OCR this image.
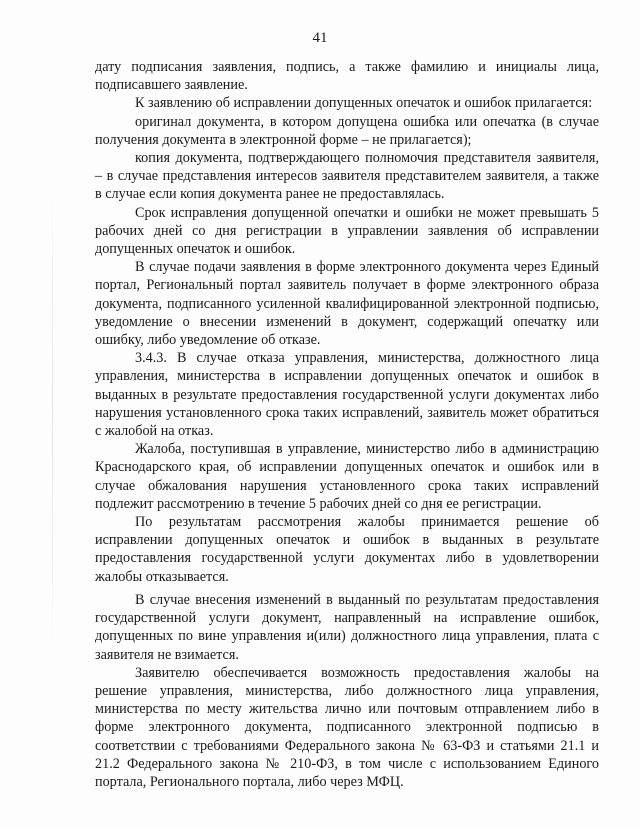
41

дату подписания заявления, подпись, а также фамилию и инициалы лица, подписавшего заявление.

К заявлению об исправлении допущенных опечаток и ошибок прилагается:

оригинал документа, в котором допущена ошибка или опечатка (в случае получения документа в электронной форме – не прилагается);

копия документа, подтверждающего полномочия представителя заявителя, – в случае представления интересов заявителя представителем заявителя, а также в случае если копия документа ранее не предоставлялась.

Срок исправления допущенной опечатки и ошибки не может превышать 5 рабочих дней со дня регистрации в управлении заявления об исправлении допущенных опечаток и ошибок.

В случае подачи заявления в форме электронного документа через Единый портал, Региональный портал заявитель получает в форме электронного образа документа, подписанного усиленной квалифицированной электронной подписью, уведомление о внесении изменений в документ, содержащий опечатку или ошибку, либо уведомление об отказе.

3.4.3. В случае отказа управления, министерства, должностного лица управления, министерства в исправлении допущенных опечаток и ошибок в выданных в результате предоставления государственной услуги документах либо нарушения установленного срока таких исправлений, заявитель может обратиться с жалобой на отказ.

Жалоба, поступившая в управление, министерство либо в администрацию Краснодарского края, об исправлении допущенных опечаток и ошибок или в случае обжалования нарушения установленного срока таких исправлений подлежит рассмотрению в течение 5 рабочих дней со дня ее регистрации.

По результатам рассмотрения жалобы принимается решение об исправлении допущенных опечаток и ошибок в выданных в результате предоставления государственной услуги документах либо в удовлетворении жалобы отказывается.

В случае внесения изменений в выданный по результатам предоставления государственной услуги документ, направленный на исправление ошибок, допущенных по вине управления и(или) должностного лица управления, плата с заявителя не взимается.

Заявителю обеспечивается возможность предоставления жалобы на решение управления, министерства, либо должностного лица управления, министерства по месту жительства лично или почтовым отправлением либо в форме электронного документа, подписанного электронной подписью в соответствии с требованиями Федерального закона № 63-ФЗ и статьями 21.1 и 21.2 Федерального закона № 210-ФЗ, в том числе с использованием Единого портала, Регионального портала, либо через МФЦ.
